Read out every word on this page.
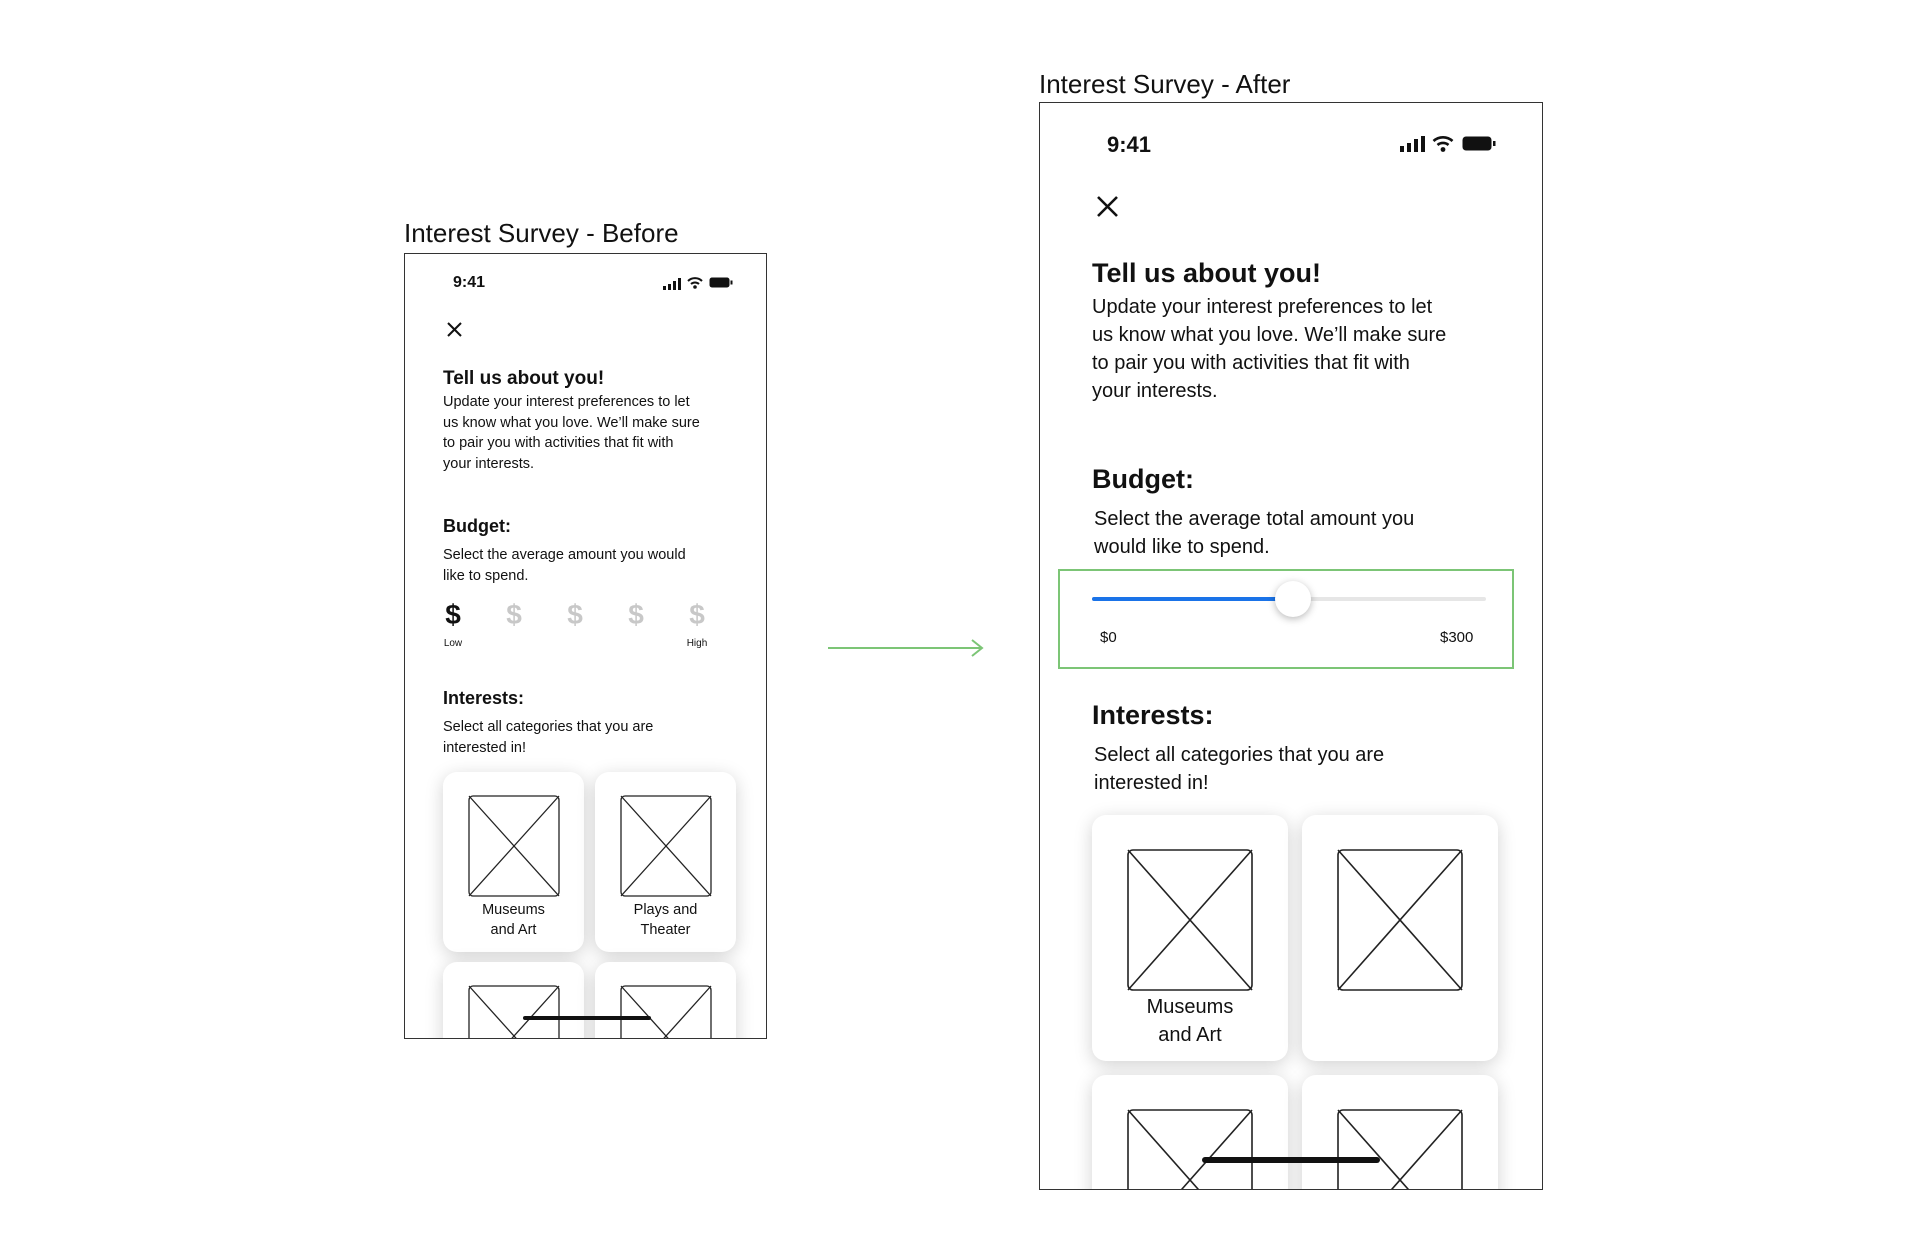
Interest Survey - Before
9:41
Tell us about you!
Update your interest preferences to let
us know what you love. We’ll make sure
to pair you with activities that fit with
your interests.
Budget:
Select the average amount you would
like to spend.
$ $ $ $ $
Low	High
Interests:
Select all categories that you are
interested in!
Museums
and Art
Plays and
Theater
Interest Survey - After
9:41
Tell us about you!
Update your interest preferences to let
us know what you love. We’ll make sure
to pair you with activities that fit with
your interests.
Budget:
Select the average total amount you
would like to spend.
$0	$300
Interests:
Select all categories that you are
interested in!
Museums
and Art
